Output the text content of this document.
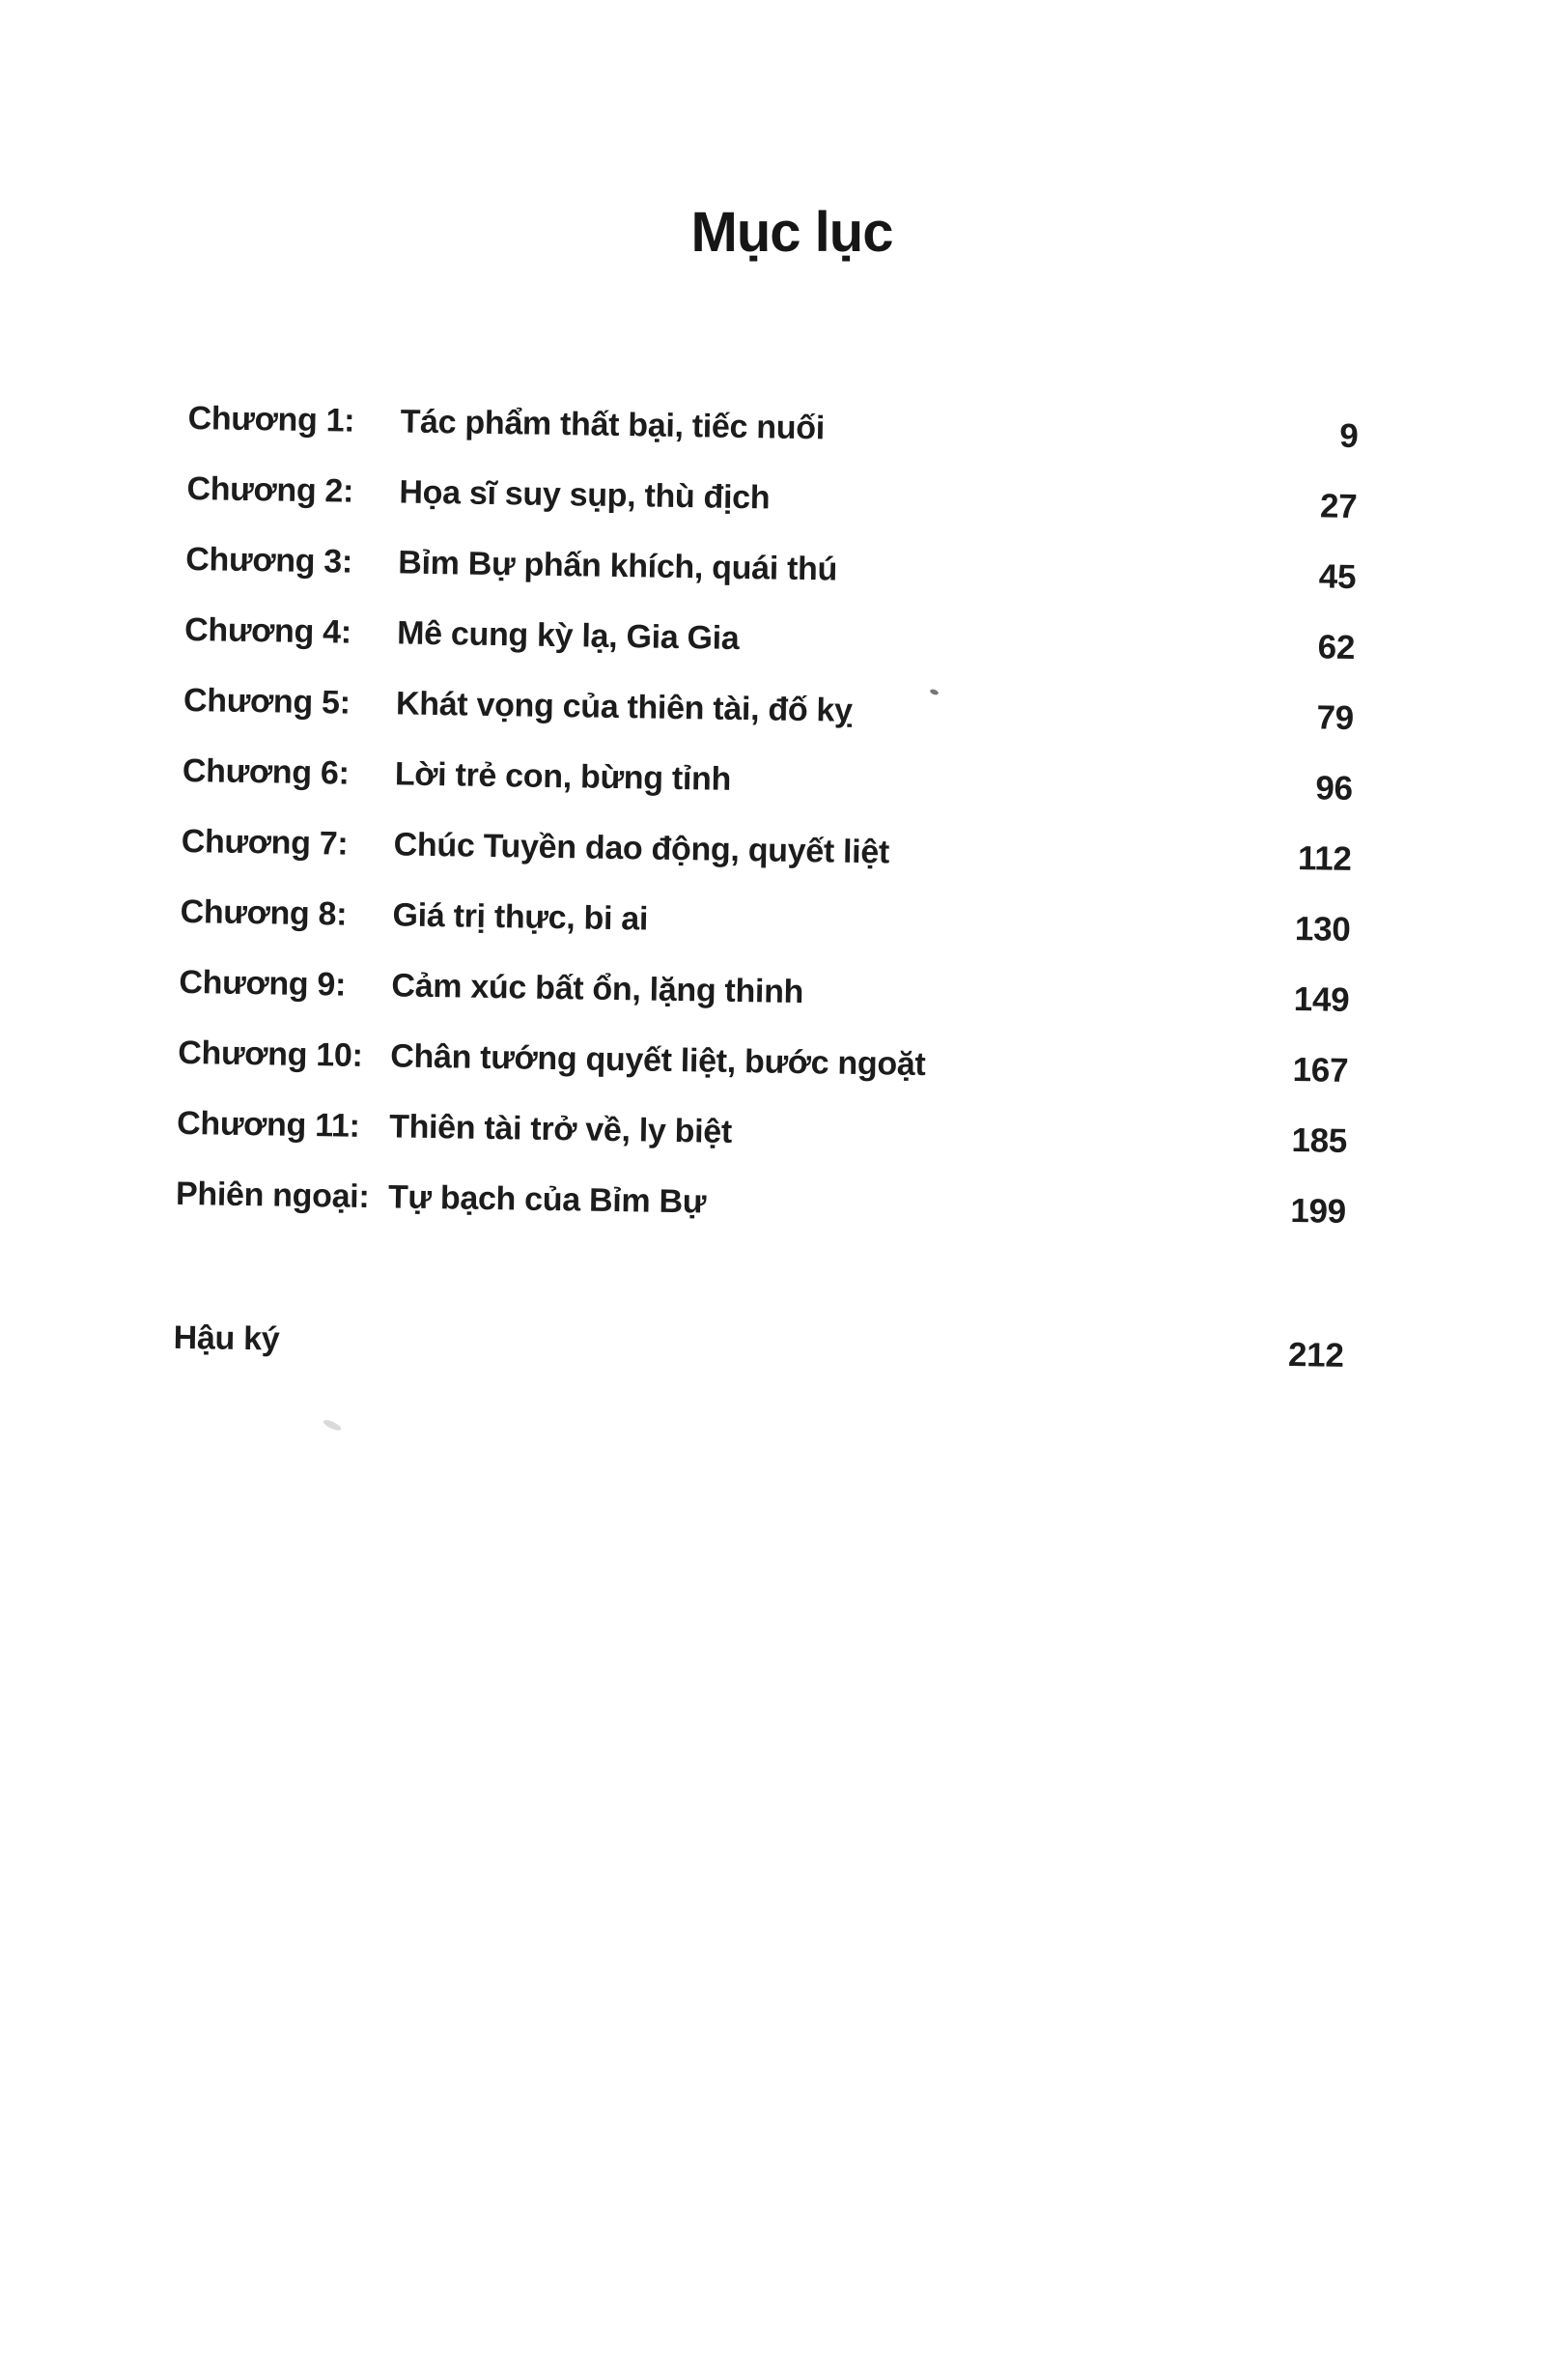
Mục lục
Chương 1:	Tác phẩm thất bại, tiếc nuối	9
Chương 2:	Họa sĩ suy sụp, thù địch	27
Chương 3:	Bỉm Bự phấn khích, quái thú	45
Chương 4:	Mê cung kỳ lạ, Gia Gia	62
Chương 5:	Khát vọng của thiên tài, đố kỵ	79
Chương 6:	Lời trẻ con, bừng tỉnh	96
Chương 7:	Chúc Tuyền dao động, quyết liệt	112
Chương 8:	Giá trị thực, bi ai	130
Chương 9:	Cảm xúc bất ổn, lặng thinh	149
Chương 10: Chân tướng quyết liệt, bước ngoặt	167
Chương 11: Thiên tài trở về, ly biệt	185
Phiên ngoại: Tự bạch của Bỉm Bự	199
Hậu ký	212
